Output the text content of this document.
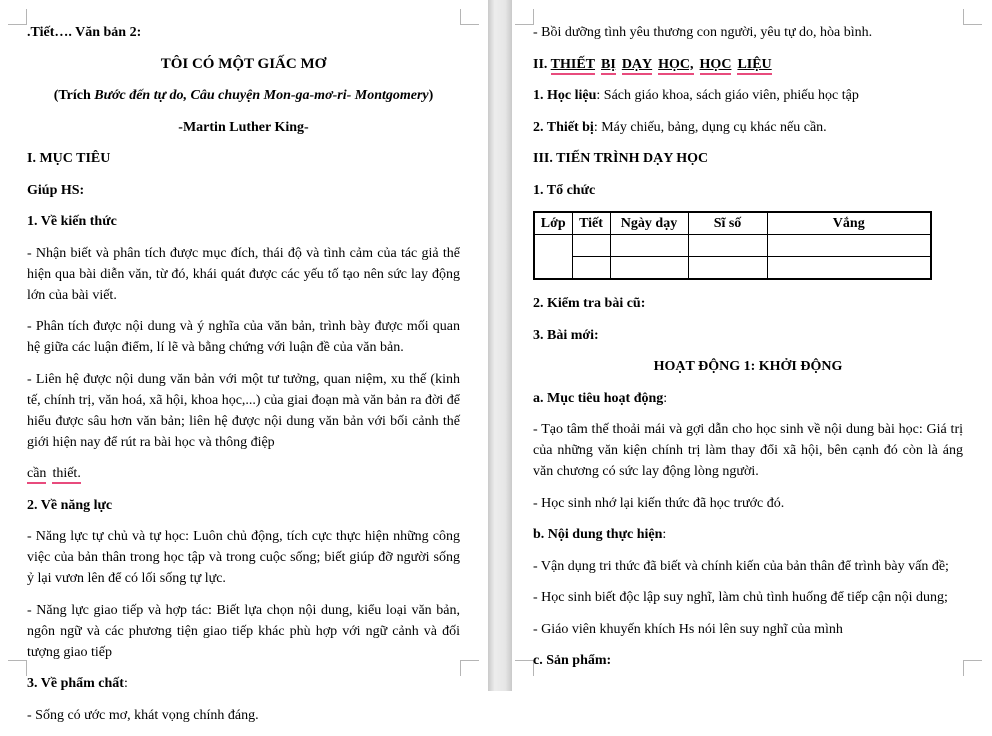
.Tiết…. Văn bản 2:

TÔI CÓ MỘT GIẤC MƠ

(Trích Bước đến tự do, Câu chuyện Mon-ga-mơ-ri- Montgomery)

-Martin Luther King-

I. MỤC TIÊU

Giúp HS:

1. Về kiến thức

- Nhận biết và phân tích được mục đích, thái độ và tình cảm của tác giả thể hiện qua bài diễn văn, từ đó, khái quát được các yếu tố tạo nên sức lay động lớn của bài viết.

- Phân tích được nội dung và ý nghĩa của văn bản, trình bày được mối quan hệ giữa các luận điểm, lí lẽ và bằng chứng với luận đề của văn bản.

- Liên hệ được nội dung văn bản với một tư tưởng, quan niệm, xu thế (kinh tế, chính trị, văn hoá, xã hội, khoa học,...) của giai đoạn mà văn bản ra đời để hiểu được sâu hơn văn bản; liên hệ được nội dung văn bản với bối cảnh thế giới hiện nay để rút ra bài học và thông điệp

cần thiết.

2. Về năng lực

- Năng lực tự chủ và tự học: Luôn chủ động, tích cực thực hiện những công việc của bản thân trong học tập và trong cuộc sống; biết giúp đỡ người sống ỷ lại vươn lên để có lối sống tự lực.

- Năng lực giao tiếp và hợp tác: Biết lựa chọn nội dung, kiểu loại văn bản, ngôn ngữ và các phương tiện giao tiếp khác phù hợp với ngữ cảnh và đối tượng giao tiếp

3. Về phẩm chất:

- Sống có ước mơ, khát vọng chính đáng.

- Bồi dưỡng tình yêu thương con người, yêu tự do, hòa bình.

II. THIẾT BỊ DẠY HỌC, HỌC LIỆU

1. Học liệu: Sách giáo khoa, sách giáo viên, phiếu học tập

2. Thiết bị: Máy chiếu, bảng, dụng cụ khác nếu cần.

III. TIẾN TRÌNH DẠY HỌC

1. Tổ chức

Lớp	Tiết	Ngày dạy	Sĩ số	Vắng

2. Kiểm tra bài cũ:

3. Bài mới:

HOẠT ĐỘNG 1: KHỞI ĐỘNG

a. Mục tiêu hoạt động:

- Tạo tâm thế thoải mái và gợi dẫn cho học sinh về nội dung bài học: Giá trị của những văn kiện chính trị làm thay đổi xã hội, bên cạnh đó còn là áng văn chương có sức lay động lòng người.

- Học sinh nhớ lại kiến thức đã học trước đó.

b. Nội dung thực hiện:

- Vận dụng tri thức đã biết và chính kiến của bản thân để trình bày vấn đề;

- Học sinh biết độc lập suy nghĩ, làm chủ tình huống để tiếp cận nội dung;

- Giáo viên khuyến khích Hs nói lên suy nghĩ của mình

c. Sản phẩm:
